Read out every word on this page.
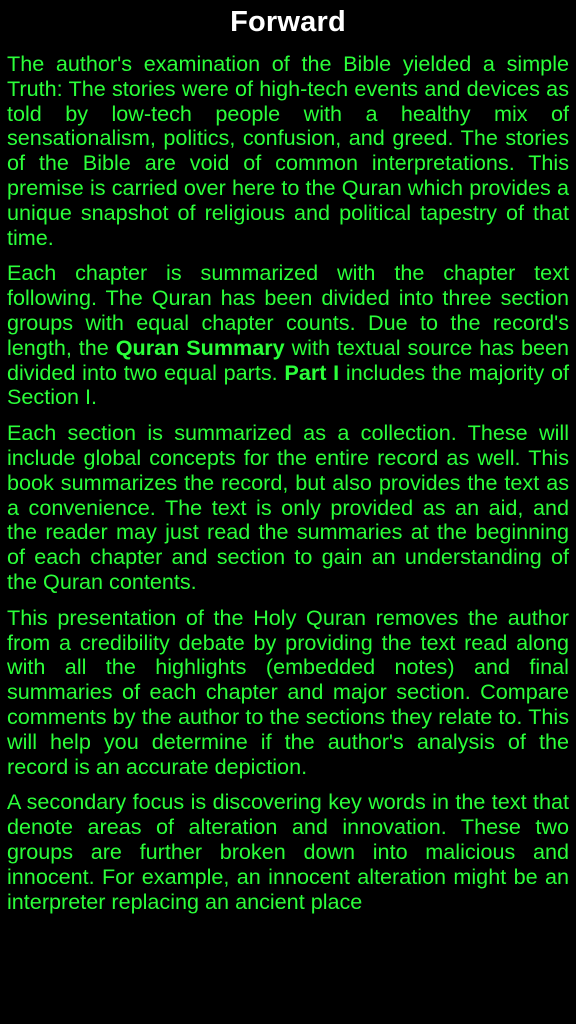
Forward

The author's examination of the Bible yielded a simple Truth: The stories were of high-tech events and devices as told by low-tech people with a healthy mix of sensationalism, politics, confusion, and greed. The stories of the Bible are void of common interpretations. This premise is carried over here to the Quran which provides a unique snapshot of religious and political tapestry of that time.

Each chapter is summarized with the chapter text following. The Quran has been divided into three section groups with equal chapter counts. Due to the record's length, the Quran Summary with textual source has been divided into two equal parts. Part I includes the majority of Section I.

Each section is summarized as a collection. These will include global concepts for the entire record as well. This book summarizes the record, but also provides the text as a convenience. The text is only provided as an aid, and the reader may just read the summaries at the beginning of each chapter and section to gain an understanding of the Quran contents.

This presentation of the Holy Quran removes the author from a credibility debate by providing the text read along with all the highlights (embedded notes) and final summaries of each chapter and major section. Compare comments by the author to the sections they relate to. This will help you determine if the author's analysis of the record is an accurate depiction.

A secondary focus is discovering key words in the text that denote areas of alteration and innovation. These two groups are further broken down into malicious and innocent. For example, an innocent alteration might be an interpreter replacing an ancient place
